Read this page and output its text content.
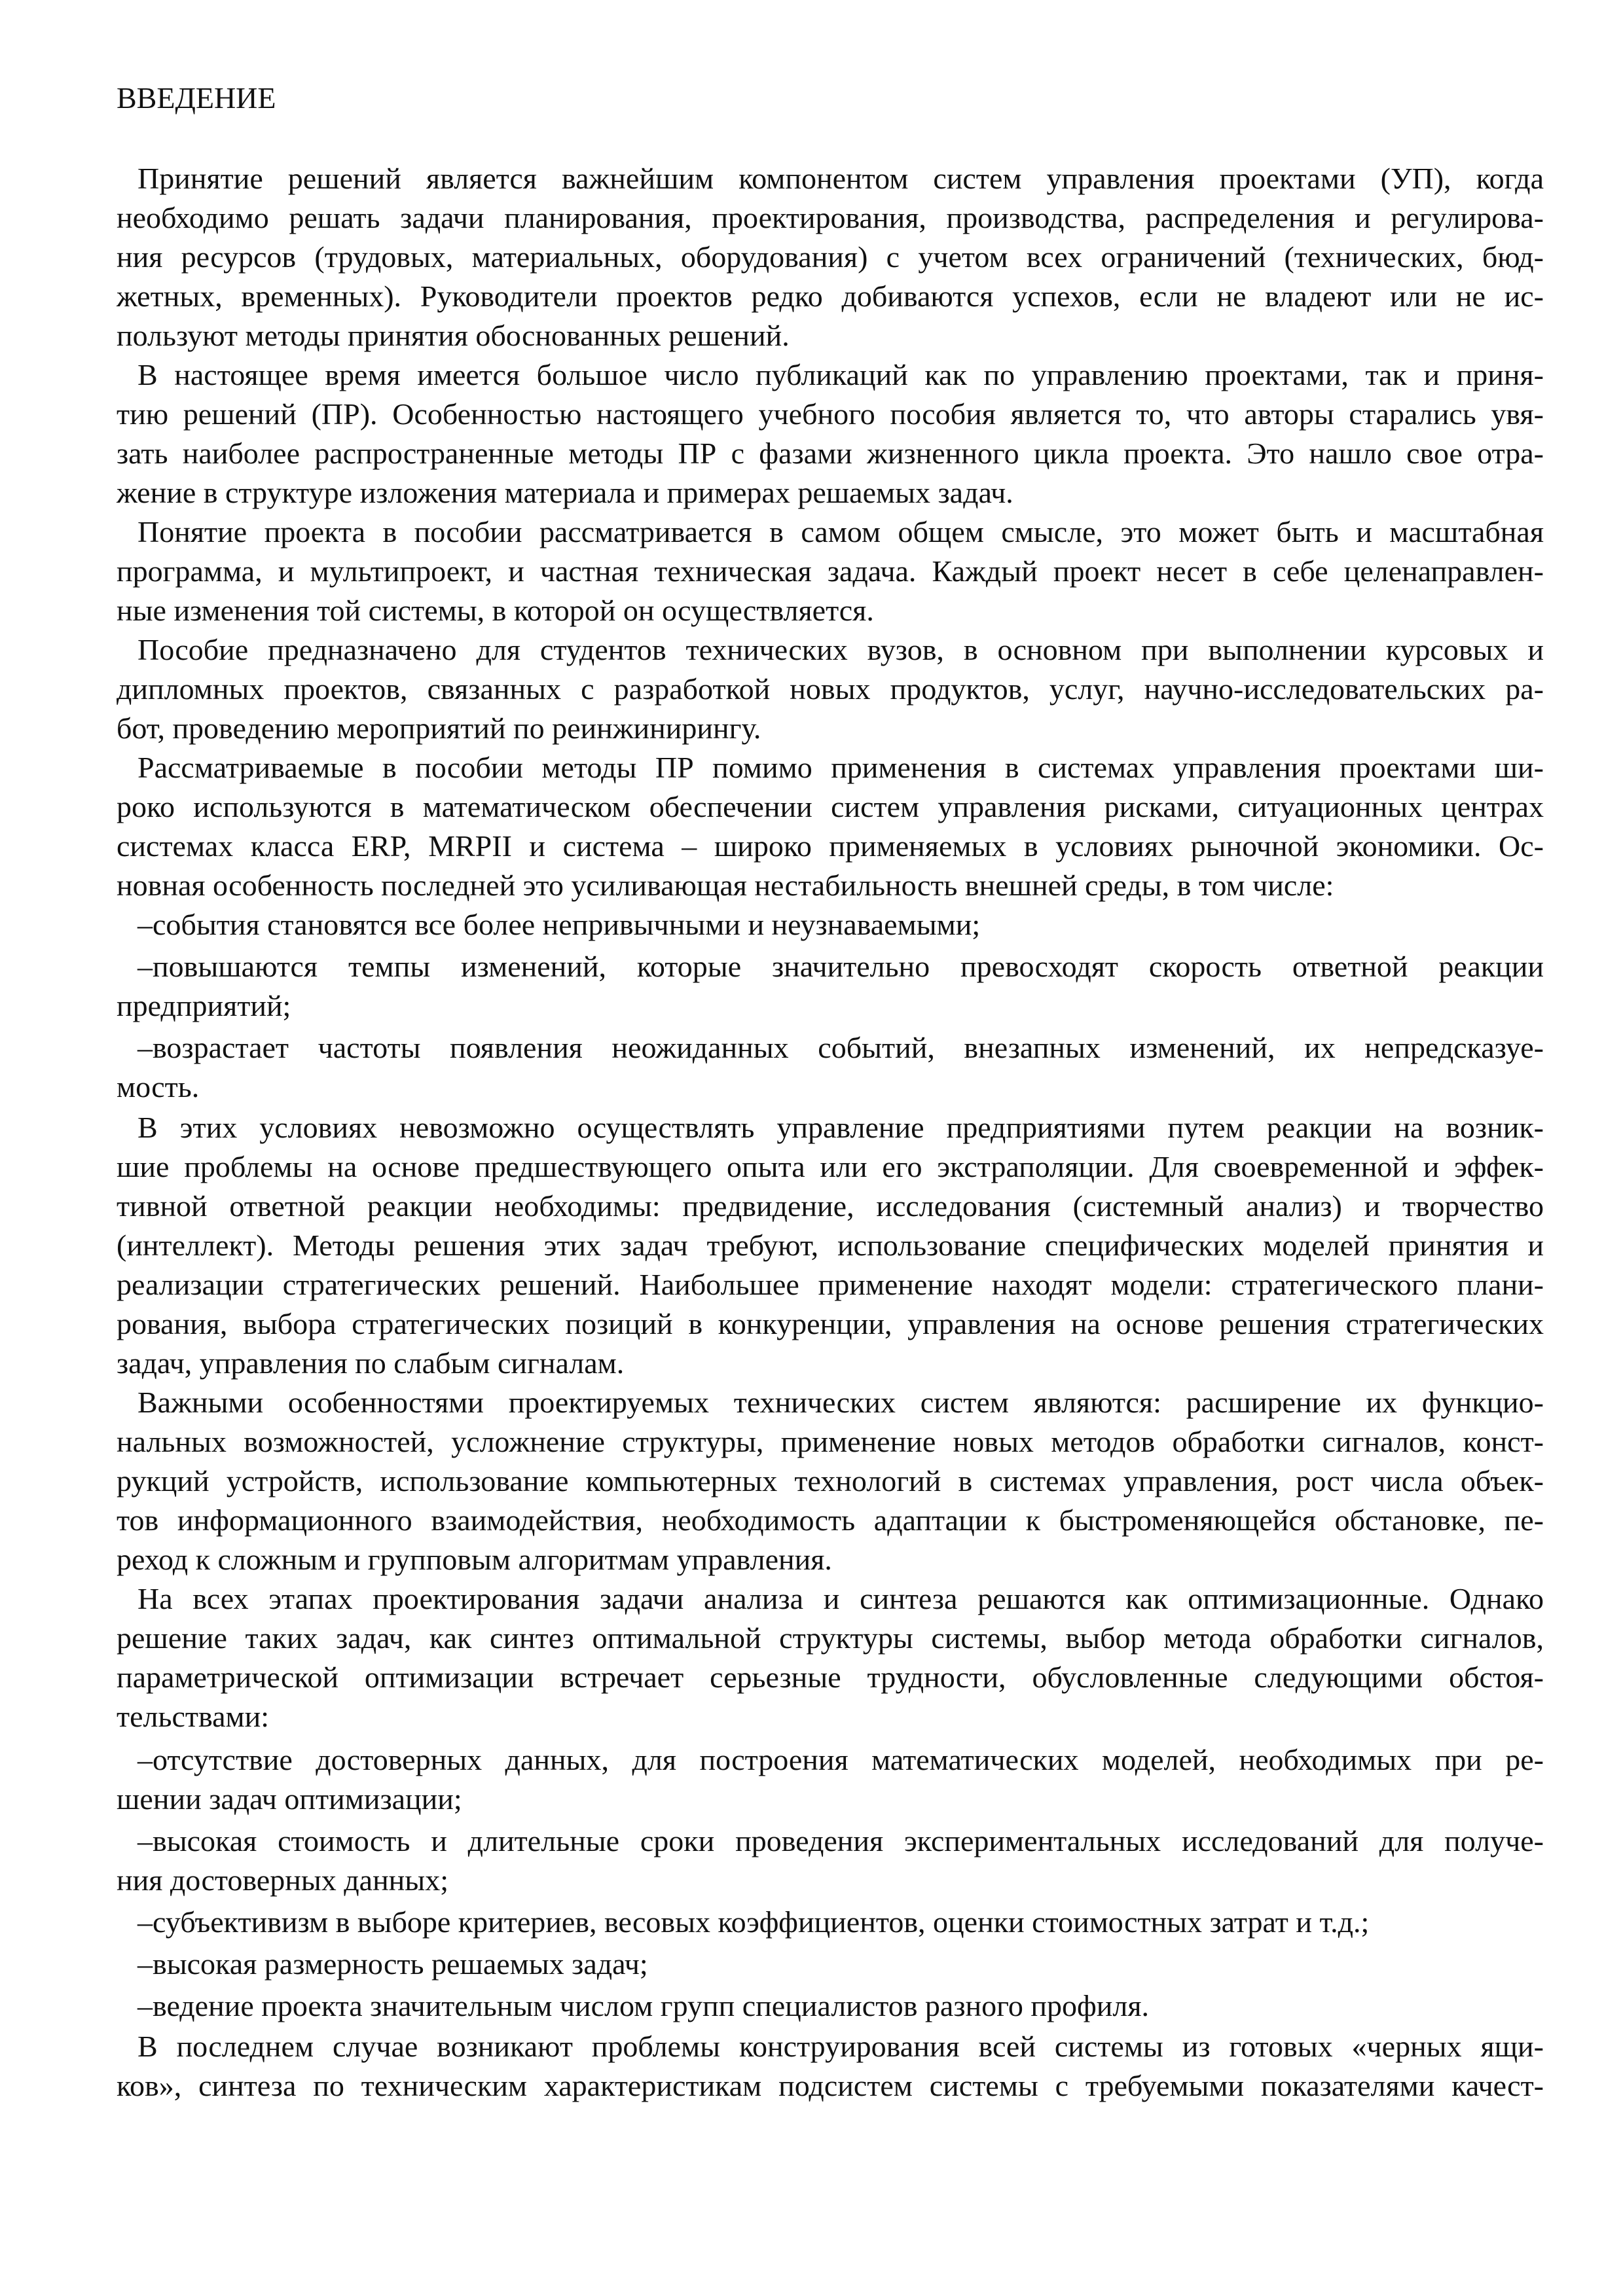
ВВЕДЕНИЕ
Принятие решений является важнейшим компонентом систем управления проектами (УП), когда
необходимо решать задачи планирования, проектирования, производства, распределения и регулирова-
ния ресурсов (трудовых, материальных, оборудования) с учетом всех ограничений (технических, бюд-
жетных, временных). Руководители проектов редко добиваются успехов, если не владеют или не ис-
пользуют методы принятия обоснованных решений.
В настоящее время имеется большое число публикаций как по управлению проектами, так и приня-
тию решений (ПР). Особенностью настоящего учебного пособия является то, что авторы старались увя-
зать наиболее распространенные методы ПР с фазами жизненного цикла проекта. Это нашло свое отра-
жение в структуре изложения материала и примерах решаемых задач.
Понятие проекта в пособии рассматривается в самом общем смысле, это может быть и масштабная
программа, и мультипроект, и частная техническая задача. Каждый проект несет в себе целенаправлен-
ные изменения той системы, в которой он осуществляется.
Пособие предназначено для студентов технических вузов, в основном при выполнении курсовых и
дипломных проектов, связанных с разработкой новых продуктов, услуг, научно-исследовательских ра-
бот, проведению мероприятий по реинжинирингу.
Рассматриваемые в пособии методы ПР помимо применения в системах управления проектами ши-
роко используются в математическом обеспечении систем управления рисками, ситуационных центрах
системах класса ERP, MRPII и система – широко применяемых в условиях рыночной экономики. Ос-
новная особенность последней это усиливающая нестабильность внешней среды, в том числе:
–события становятся все более непривычными и неузнаваемыми;
–повышаются темпы изменений, которые значительно превосходят скорость ответной реакции
предприятий;
–возрастает частоты появления неожиданных событий, внезапных изменений, их непредсказуе-
мость.
В этих условиях невозможно осуществлять управление предприятиями путем реакции на возник-
шие проблемы на основе предшествующего опыта или его экстраполяции. Для своевременной и эффек-
тивной ответной реакции необходимы: предвидение, исследования (системный анализ) и творчество
(интеллект). Методы решения этих задач требуют, использование специфических моделей принятия и
реализации стратегических решений. Наибольшее применение находят модели: стратегического плани-
рования, выбора стратегических позиций в конкуренции, управления на основе решения стратегических
задач, управления по слабым сигналам.
Важными особенностями проектируемых технических систем являются: расширение их функцио-
нальных возможностей, усложнение структуры, применение новых методов обработки сигналов, конст-
рукций устройств, использование компьютерных технологий в системах управления, рост числа объек-
тов информационного взаимодействия, необходимость адаптации к быстроменяющейся обстановке, пе-
реход к сложным и групповым алгоритмам управления.
На всех этапах проектирования задачи анализа и синтеза решаются как оптимизационные. Однако
решение таких задач, как синтез оптимальной структуры системы, выбор метода обработки сигналов,
параметрической оптимизации встречает серьезные трудности, обусловленные следующими обстоя-
тельствами:
–отсутствие достоверных данных, для построения математических моделей, необходимых при ре-
шении задач оптимизации;
–высокая стоимость и длительные сроки проведения экспериментальных исследований для получе-
ния достоверных данных;
–субъективизм в выборе критериев, весовых коэффициентов, оценки стоимостных затрат и т.д.;
–высокая размерность решаемых задач;
–ведение проекта значительным числом групп специалистов разного профиля.
В последнем случае возникают проблемы конструирования всей системы из готовых «черных ящи-
ков», синтеза по техническим характеристикам подсистем системы с требуемыми показателями качест-
